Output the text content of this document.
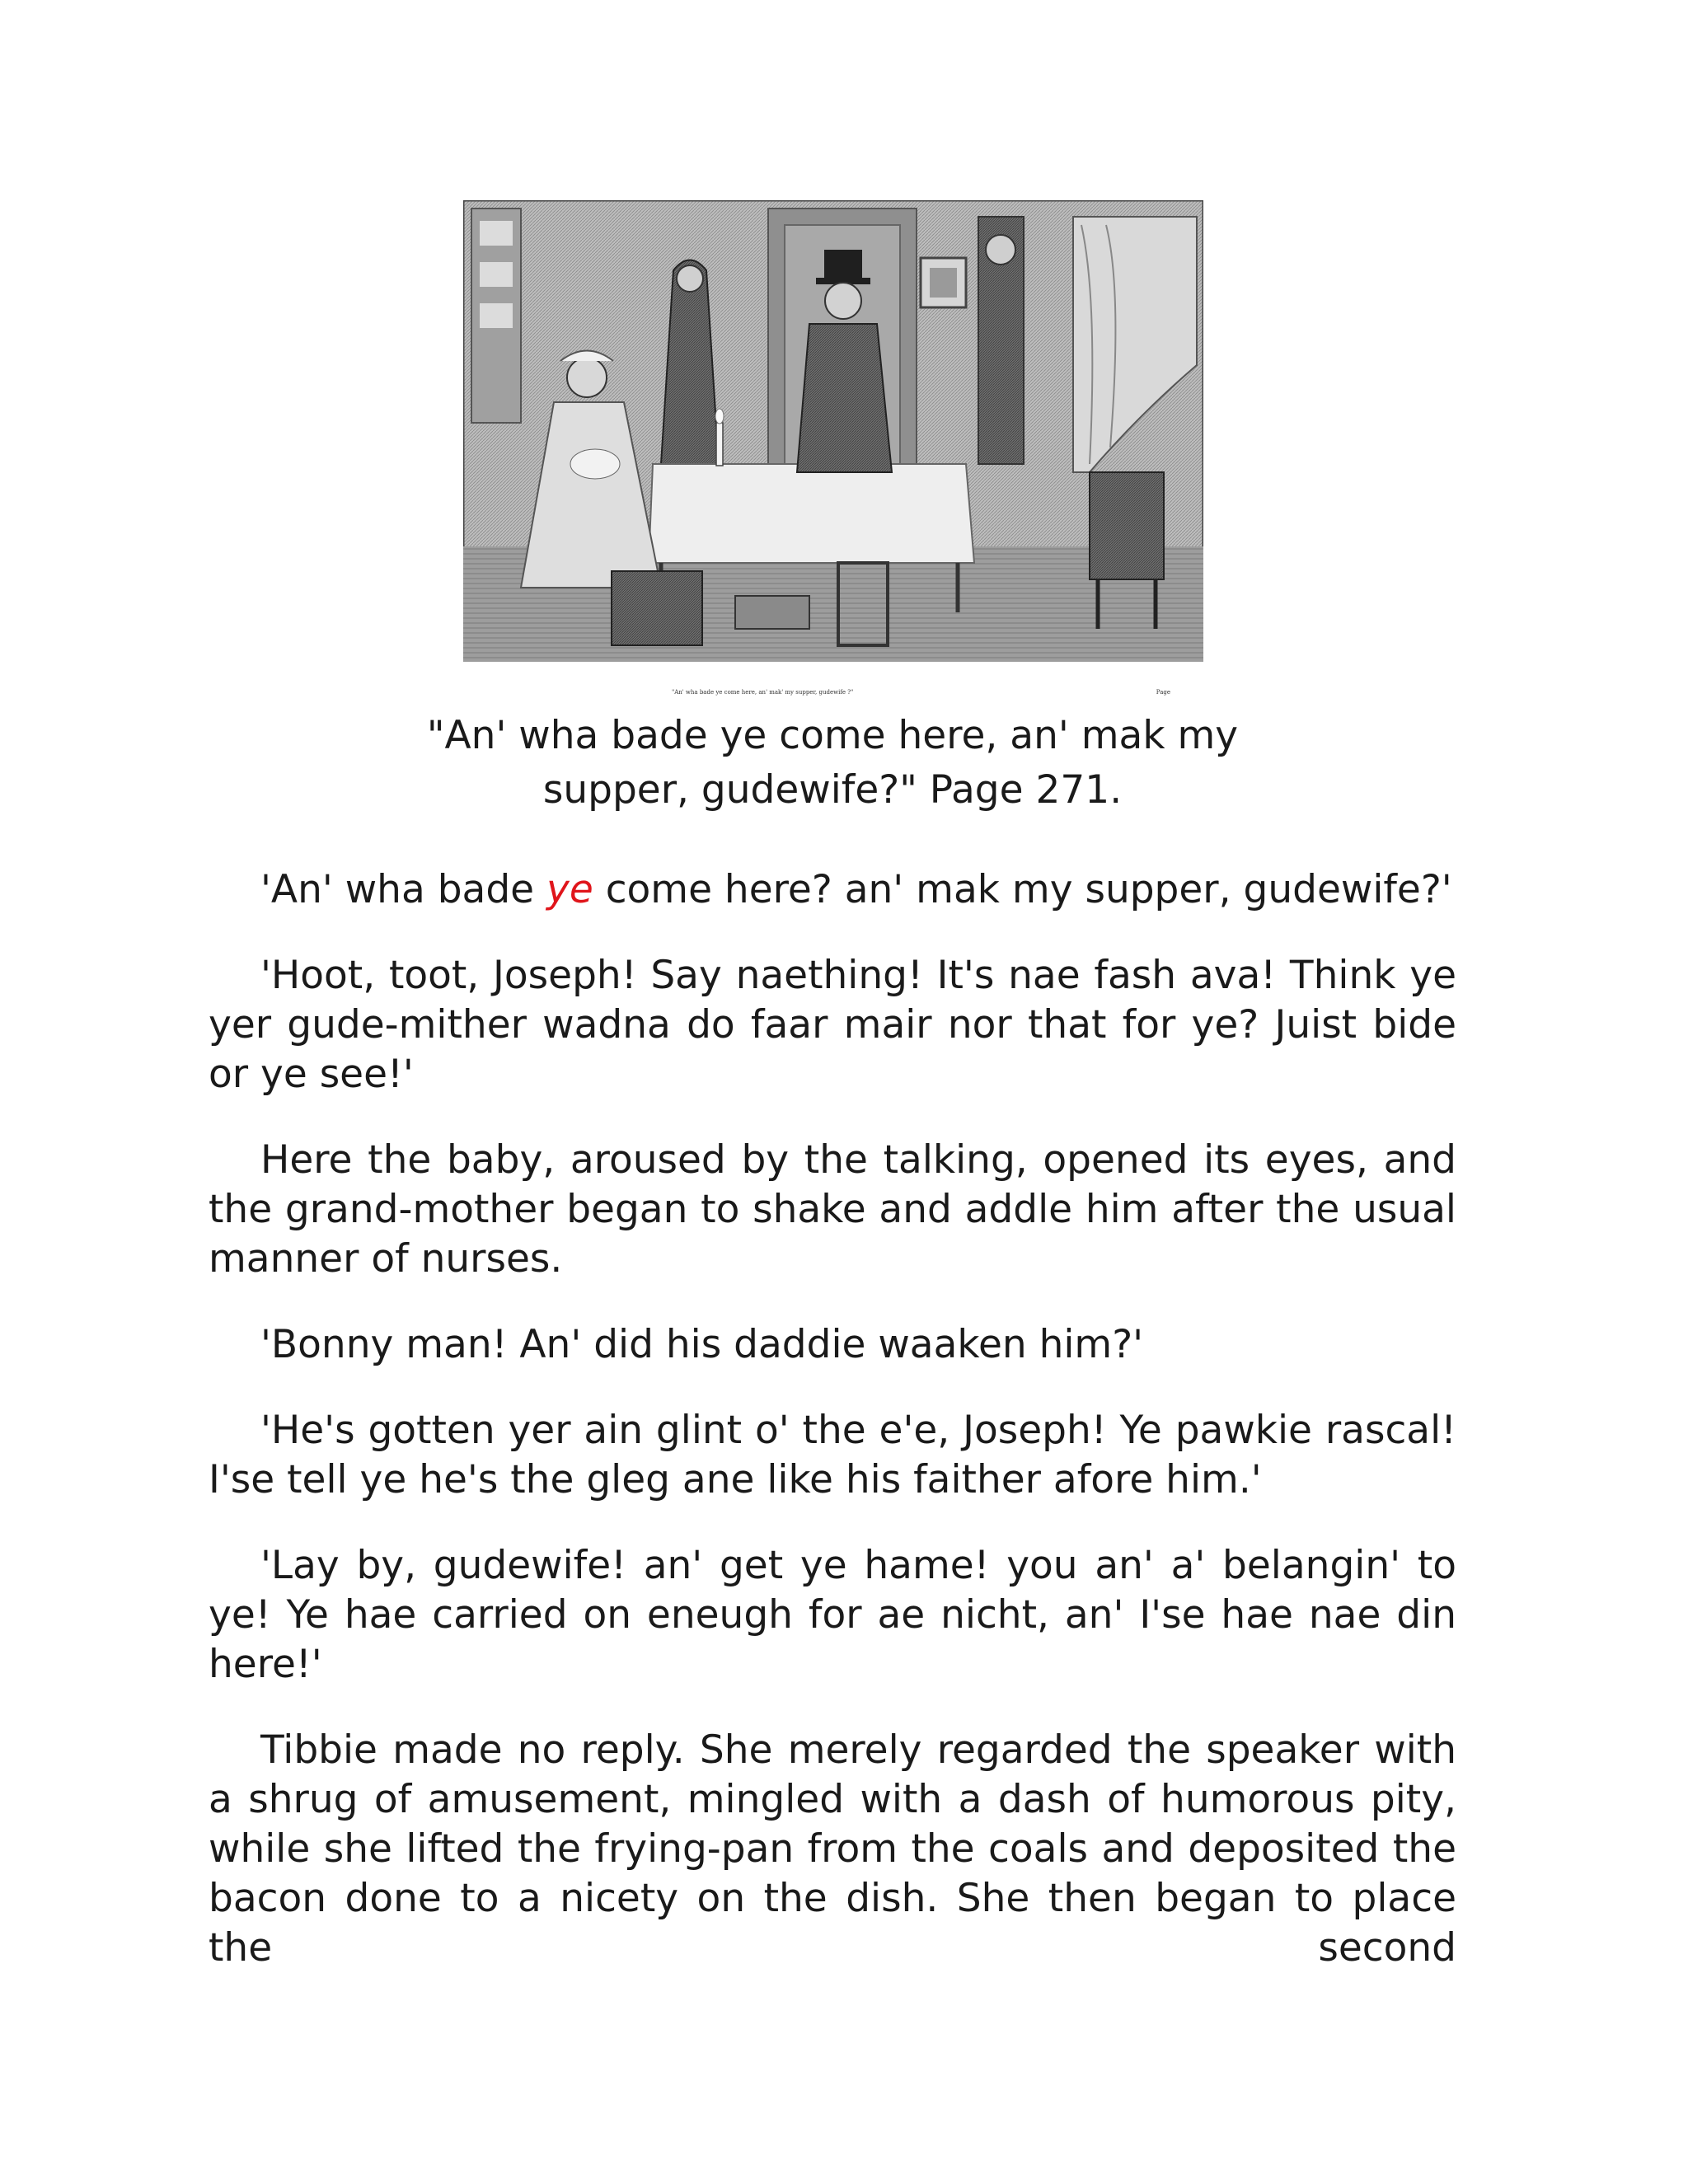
"An' wha bade ye come here, an' mak' my supper, gudewife ?"	Page
"An' wha bade ye come here, an' mak my
supper, gudewife?" Page 271.

'An' wha bade ye come here? an' mak my supper, gudewife?'

'Hoot, toot, Joseph! Say naething! It's nae fash ava! Think ye yer gude-mither wadna do faar mair nor that for ye? Juist bide or ye see!'

Here the baby, aroused by the talking, opened its eyes, and the grand-mother began to shake and addle him after the usual manner of nurses.

'Bonny man! An' did his daddie waaken him?'

'He's gotten yer ain glint o' the e'e, Joseph! Ye pawkie rascal! I'se tell ye he's the gleg ane like his faither afore him.'

'Lay by, gudewife! an' get ye hame! you an' a' belangin' to ye! Ye hae carried on eneugh for ae nicht, an' I'se hae nae din here!'

Tibbie made no reply. She merely regarded the speaker with a shrug of amusement, mingled with a dash of humorous pity, while she lifted the frying-pan from the coals and deposited the bacon done to a nicety on the dish. She then began to place the second
